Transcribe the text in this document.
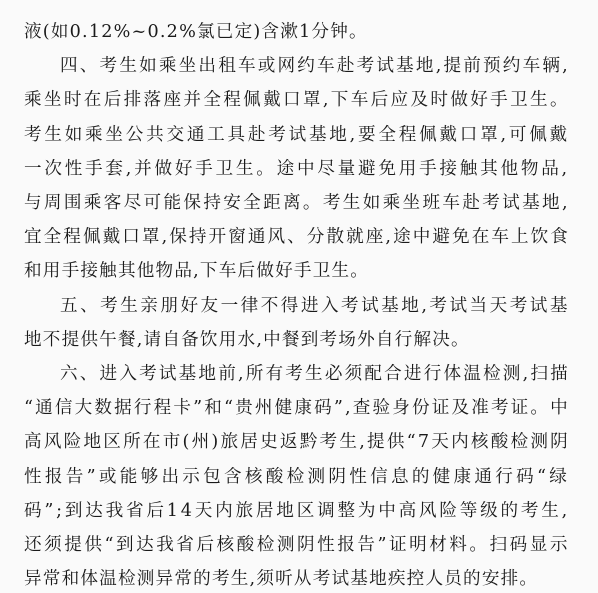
液(如0.12%~0.2%氯已定)含漱1分钟。
四、考生如乘坐出租车或网约车赴考试基地,提前预约车辆,
乘坐时在后排落座并全程佩戴口罩,下车后应及时做好手卫生。
考生如乘坐公共交通工具赴考试基地,要全程佩戴口罩,可佩戴
一次性手套,并做好手卫生。途中尽量避免用手接触其他物品,
与周围乘客尽可能保持安全距离。考生如乘坐班车赴考试基地,
宜全程佩戴口罩,保持开窗通风、分散就座,途中避免在车上饮食
和用手接触其他物品,下车后做好手卫生。
五、考生亲朋好友一律不得进入考试基地,考试当天考试基
地不提供午餐,请自备饮用水,中餐到考场外自行解决。
六、进入考试基地前,所有考生必须配合进行体温检测,扫描
“通信大数据行程卡”和“贵州健康码”,查验身份证及准考证。中
高风险地区所在市(州)旅居史返黔考生,提供“7天内核酸检测阴
性报告”或能够出示包含核酸检测阴性信息的健康通行码“绿
码”;到达我省后14天内旅居地区调整为中高风险等级的考生,
还须提供“到达我省后核酸检测阴性报告”证明材料。扫码显示
异常和体温检测异常的考生,须听从考试基地疾控人员的安排。
